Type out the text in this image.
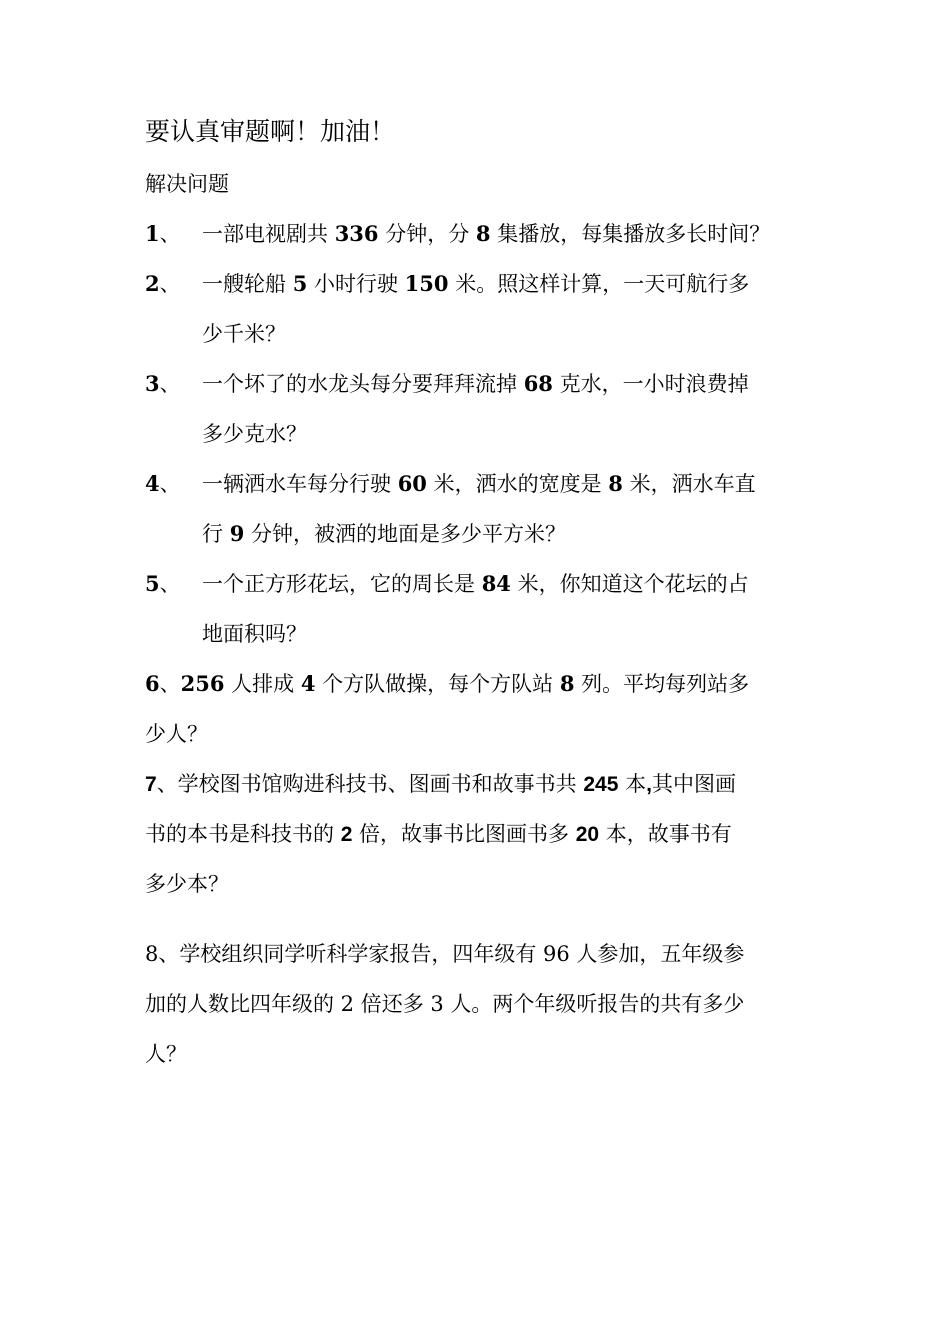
要认真审题啊！加油！
解决问题
1、 一部电视剧共 336 分钟，分 8 集播放，每集播放多长时间？
2、 一艘轮船 5 小时行驶 150 米。照这样计算，一天可航行多
少千米？
3、 一个坏了的水龙头每分要拜拜流掉 68 克水，一小时浪费掉
多少克水？
4、 一辆洒水车每分行驶 60 米，洒水的宽度是 8 米，洒水车直
行 9 分钟，被洒的地面是多少平方米？
5、 一个正方形花坛，它的周长是 84 米，你知道这个花坛的占
地面积吗？
6、256 人排成 4 个方队做操，每个方队站 8 列。平均每列站多
少人？
7、学校图书馆购进科技书、图画书和故事书共 245 本,其中图画
书的本书是科技书的 2 倍，故事书比图画书多 20 本，故事书有
多少本？
8、学校组织同学听科学家报告，四年级有 96 人参加，五年级参
加的人数比四年级的 2 倍还多 3 人。两个年级听报告的共有多少
人？
